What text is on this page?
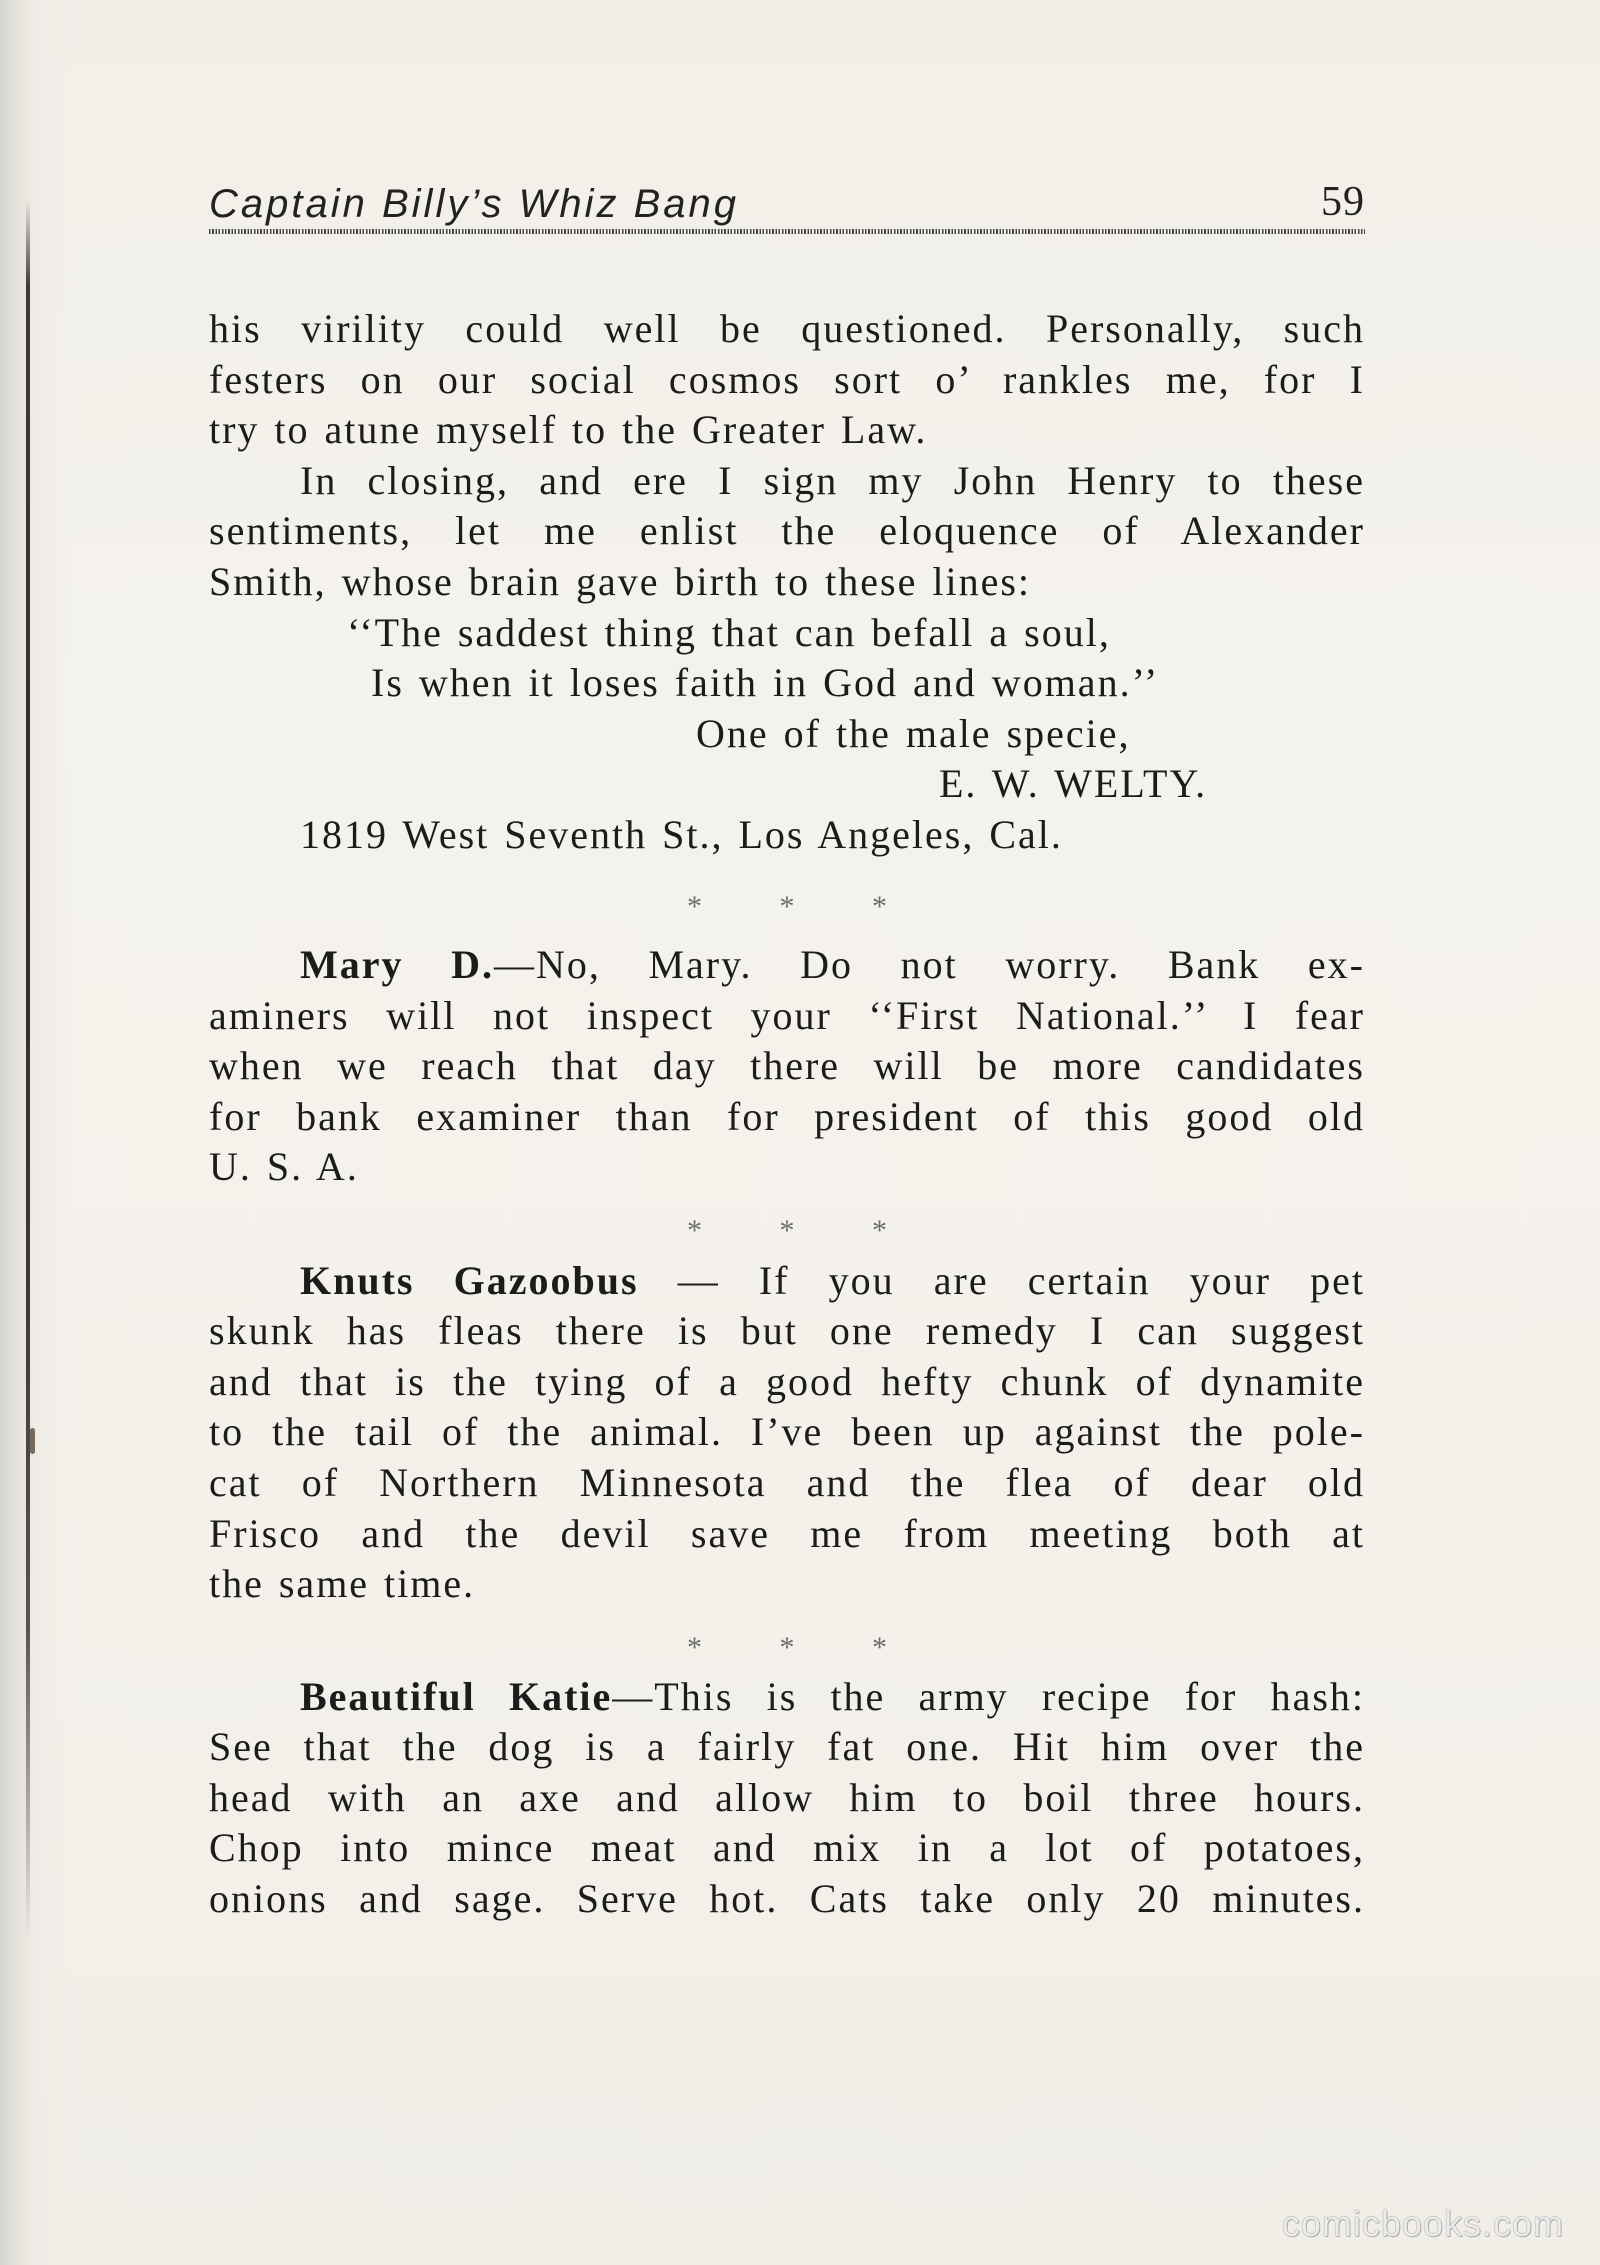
Captain Billy’s Whiz Bang	59
his virility could well be questioned. Personally, such
festers on our social cosmos sort o’ rankles me, for I
try to atune myself to the Greater Law.
In closing, and ere I sign my John Henry to these
sentiments, let me enlist the eloquence of Alexander
Smith, whose brain gave birth to these lines:
‘‘The saddest thing that can befall a soul,
Is when it loses faith in God and woman.’’
One of the male specie,
E. W. WELTY.
1819 West Seventh St., Los Angeles, Cal.
* * *
Mary D.—No, Mary. Do not worry. Bank ex-
aminers will not inspect your ‘‘First National.’’ I fear
when we reach that day there will be more candidates
for bank examiner than for president of this good old
U. S. A.
* * *
Knuts Gazoobus — If you are certain your pet
skunk has fleas there is but one remedy I can suggest
and that is the tying of a good hefty chunk of dynamite
to the tail of the animal. I’ve been up against the pole-
cat of Northern Minnesota and the flea of dear old
Frisco and the devil save me from meeting both at
the same time.
* * *
Beautiful Katie—This is the army recipe for hash:
See that the dog is a fairly fat one. Hit him over the
head with an axe and allow him to boil three hours.
Chop into mince meat and mix in a lot of potatoes,
onions and sage. Serve hot. Cats take only 20 minutes.
comicbooks.com
